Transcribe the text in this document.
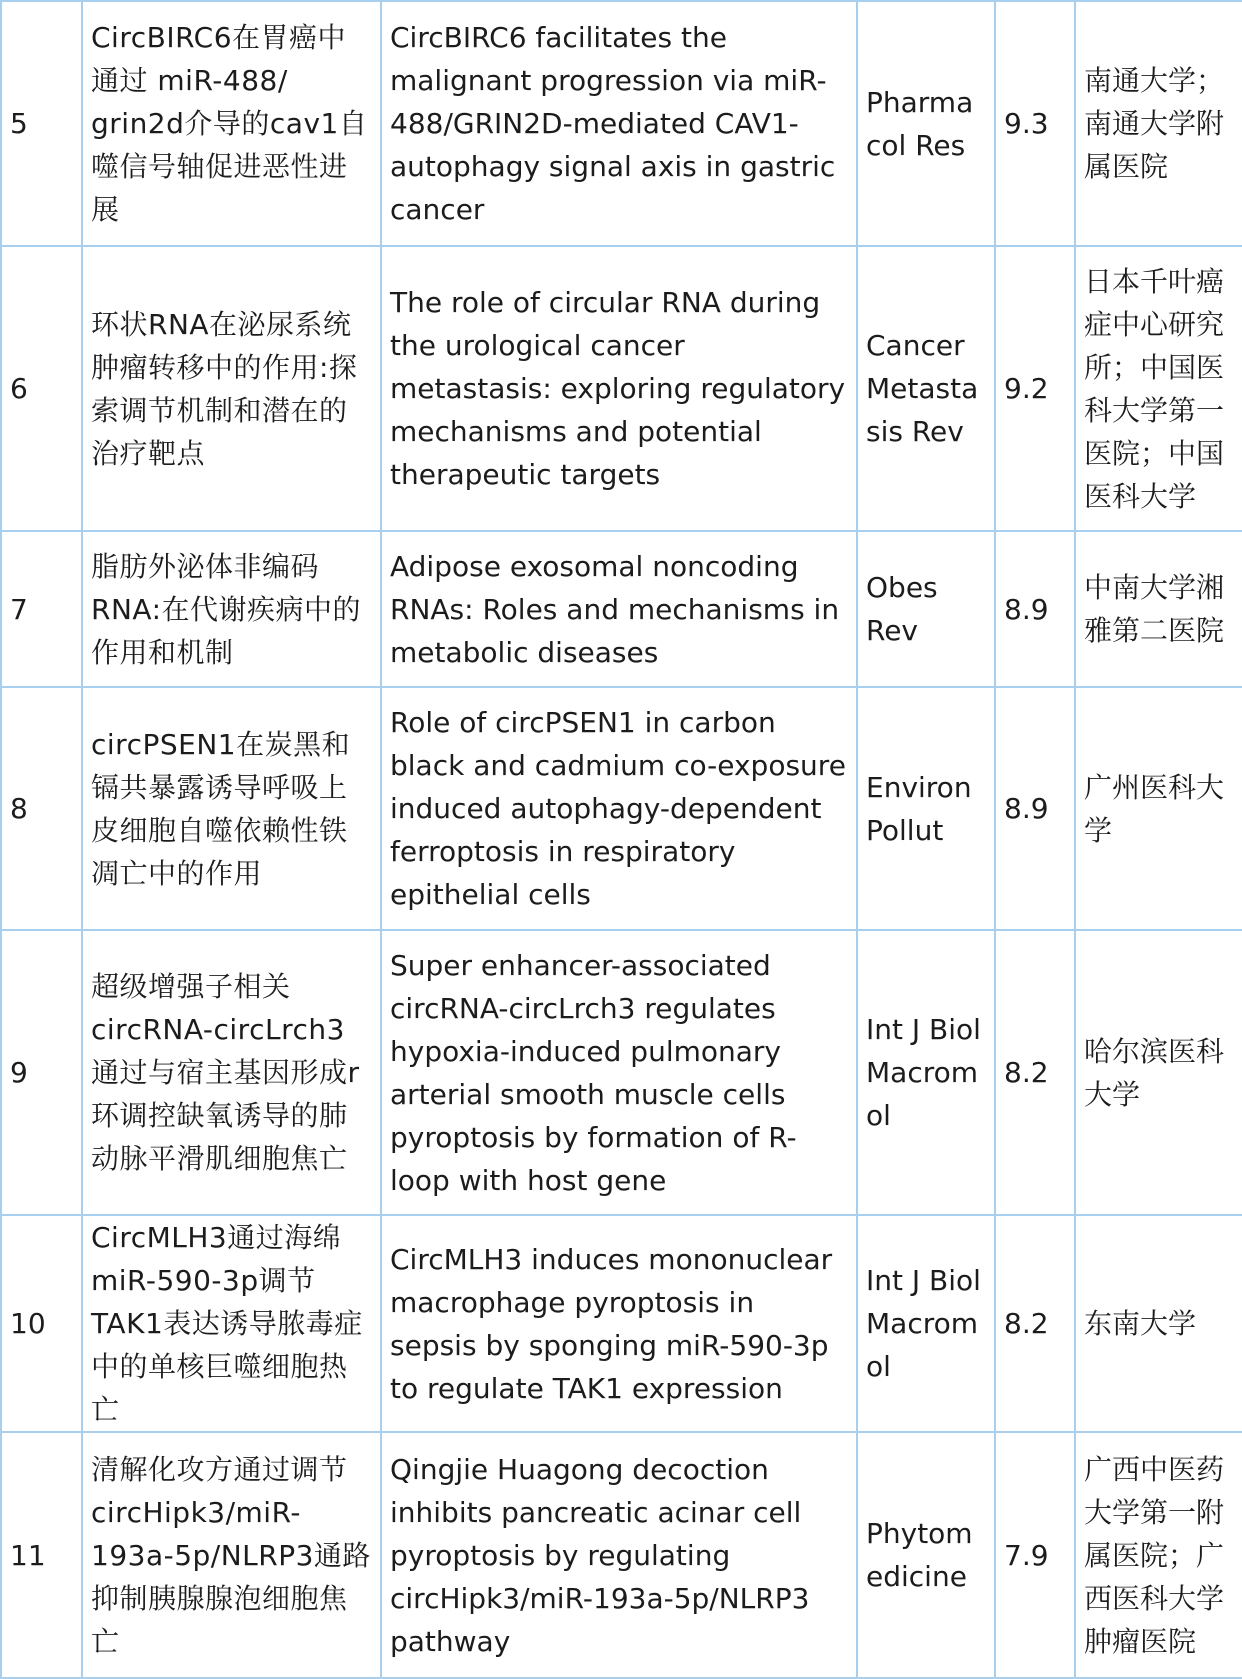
5	CircBIRC6在胃癌中通过 miR-488/ grin2d介导的cav1自噬信号轴促进恶性进展	CircBIRC6 facilitates the malignant progression via miR-488/GRIN2D-mediated CAV1-autophagy signal axis in gastric cancer	Pharmacol Res	9.3	南通大学；南通大学附属医院
6	环状RNA在泌尿系统肿瘤转移中的作用:探索调节机制和潜在的治疗靶点	The role of circular RNA during the urological cancer metastasis: exploring regulatory mechanisms and potential therapeutic targets	Cancer Metastasis Rev	9.2	日本千叶癌症中心研究所；中国医科大学第一医院；中国医科大学
7	脂肪外泌体非编码RNA:在代谢疾病中的作用和机制	Adipose exosomal noncoding RNAs: Roles and mechanisms in metabolic diseases	Obes Rev	8.9	中南大学湘雅第二医院
8	circPSEN1在炭黑和镉共暴露诱导呼吸上皮细胞自噬依赖性铁凋亡中的作用	Role of circPSEN1 in carbon black and cadmium co-exposure induced autophagy-dependent ferroptosis in respiratory epithelial cells	Environ Pollut	8.9	广州医科大学
9	超级增强子相关circRNA-circLrch3通过与宿主基因形成r环调控缺氧诱导的肺动脉平滑肌细胞焦亡	Super enhancer-associated circRNA-circLrch3 regulates hypoxia-induced pulmonary arterial smooth muscle cells pyroptosis by formation of R-loop with host gene	Int J Biol Macromol	8.2	哈尔滨医科大学
10	CircMLH3通过海绵miR-590-3p调节TAK1表达诱导脓毒症中的单核巨噬细胞热亡	CircMLH3 induces mononuclear macrophage pyroptosis in sepsis by sponging miR-590-3p to regulate TAK1 expression	Int J Biol Macromol	8.2	东南大学
11	清解化攻方通过调节circHipk3/miR-193a-5p/NLRP3通路抑制胰腺腺泡细胞焦亡	Qingjie Huagong decoction inhibits pancreatic acinar cell pyroptosis by regulating circHipk3/miR-193a-5p/NLRP3 pathway	Phytomedicine	7.9	广西中医药大学第一附属医院；广西医科大学肿瘤医院
